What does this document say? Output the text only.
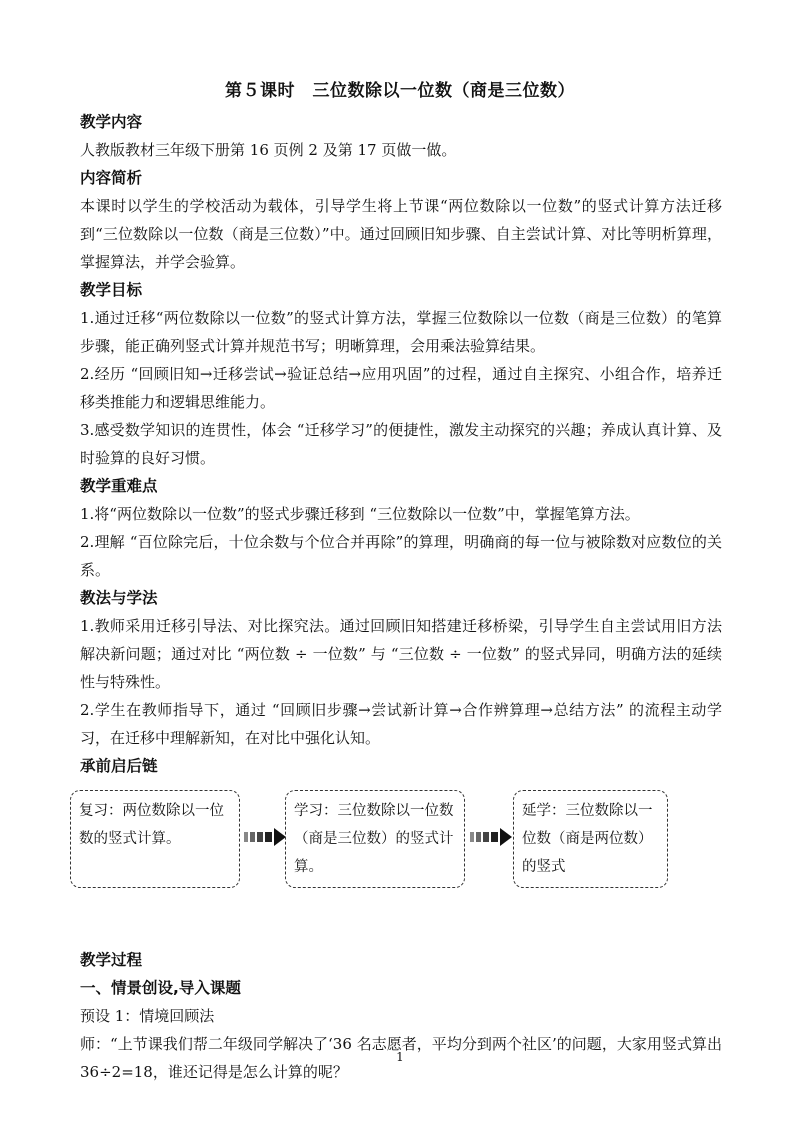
第５课时　三位数除以一位数（商是三位数）

教学内容

人教版教材三年级下册第 16 页例 2 及第 17 页做一做。

内容简析

本课时以学生的学校活动为载体，引导学生将上节课“两位数除以一位数”的竖式计算方法迁移到“三位数除以一位数（商是三位数）”中。通过回顾旧知步骤、自主尝试计算、对比等明析算理，掌握算法，并学会验算。

教学目标

1.通过迁移“两位数除以一位数”的竖式计算方法，掌握三位数除以一位数（商是三位数）的笔算步骤，能正确列竖式计算并规范书写；明晰算理，会用乘法验算结果。

2.经历 “回顾旧知→迁移尝试→验证总结→应用巩固”的过程，通过自主探究、小组合作，培养迁移类推能力和逻辑思维能力。

3.感受数学知识的连贯性，体会 “迁移学习”的便捷性，激发主动探究的兴趣；养成认真计算、及时验算的良好习惯。

教学重难点

1.将“两位数除以一位数”的竖式步骤迁移到 “三位数除以一位数”中，掌握笔算方法。

2.理解 “百位除完后，十位余数与个位合并再除”的算理，明确商的每一位与被除数对应数位的关系。

教法与学法

1.教师采用迁移引导法、对比探究法。通过回顾旧知搭建迁移桥梁，引导学生自主尝试用旧方法解决新问题；通过对比 “两位数 ÷ 一位数” 与 “三位数 ÷ 一位数” 的竖式异同，明确方法的延续性与特殊性。

2.学生在教师指导下，通过 “回顾旧步骤→尝试新计算→合作辨算理→总结方法” 的流程主动学习，在迁移中理解新知，在对比中强化认知。

承前启后链

复习：两位数除以一位数的竖式计算。
学习：三位数除以一位数（商是三位数）的竖式计算。
延学：三位数除以一位数（商是两位数）的竖式

教学过程

一、情景创设,导入课题

预设 1：情境回顾法

师：“上节课我们帮二年级同学解决了‘36 名志愿者，平均分到两个社区’的问题，大家用竖式算出 36÷2=18，谁还记得是怎么计算的呢？

1
